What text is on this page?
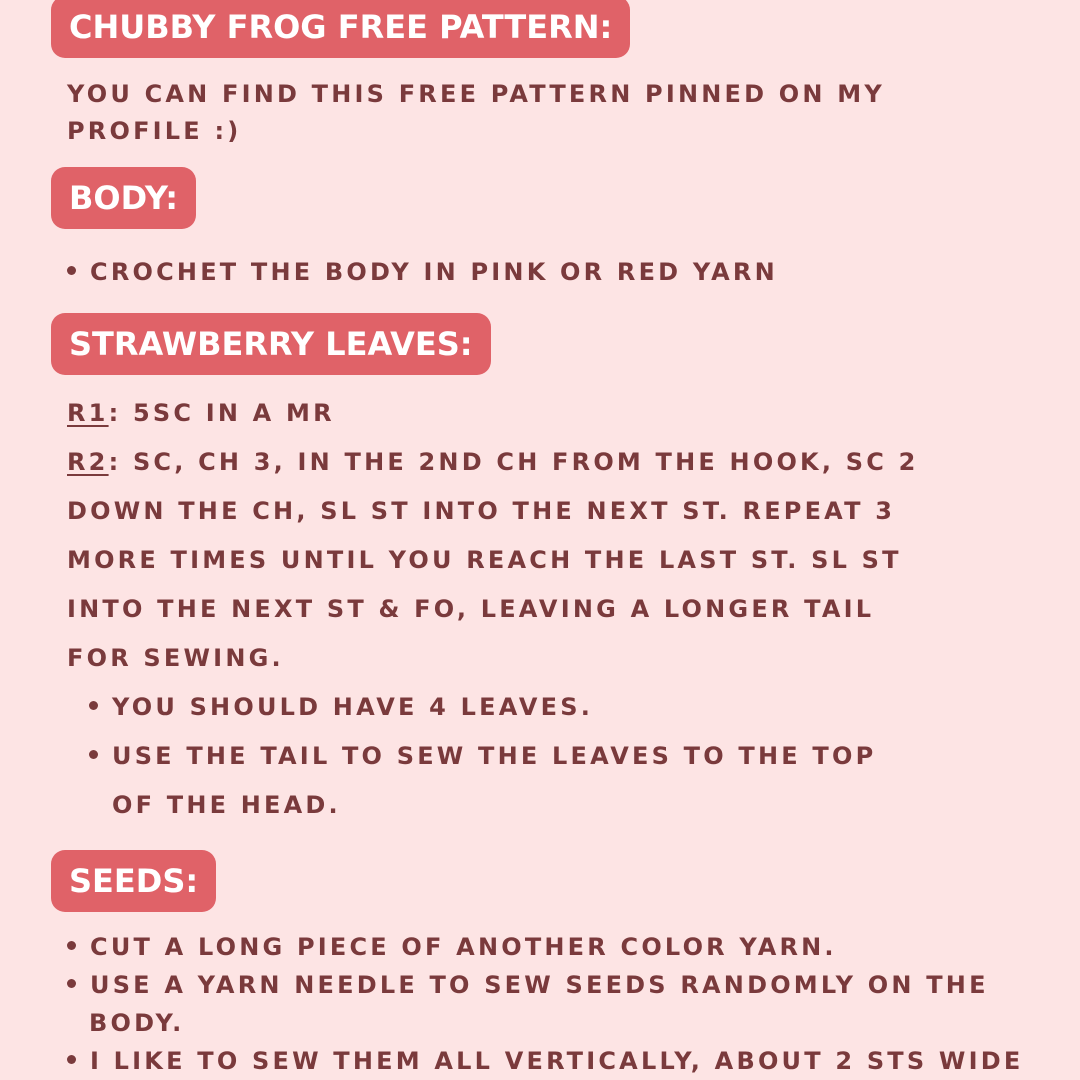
CHUBBY FROG FREE PATTERN:

YOU CAN FIND THIS FREE PATTERN PINNED ON MY

PROFILE :)

BODY:

CROCHET THE BODY IN PINK OR RED YARN

STRAWBERRY LEAVES:

R1: 5SC IN A MR

R2: SC, CH 3, IN THE 2ND CH FROM THE HOOK, SC 2

DOWN THE CH, SL ST INTO THE NEXT ST. REPEAT 3

MORE TIMES UNTIL YOU REACH THE LAST ST. SL ST

INTO THE NEXT ST & FO, LEAVING A LONGER TAIL

FOR SEWING.

YOU SHOULD HAVE 4 LEAVES.

USE THE TAIL TO SEW THE LEAVES TO THE TOP

OF THE HEAD.

SEEDS:

CUT A LONG PIECE OF ANOTHER COLOR YARN.

USE A YARN NEEDLE TO SEW SEEDS RANDOMLY ON THE

BODY.

I LIKE TO SEW THEM ALL VERTICALLY, ABOUT 2 STS WIDE
